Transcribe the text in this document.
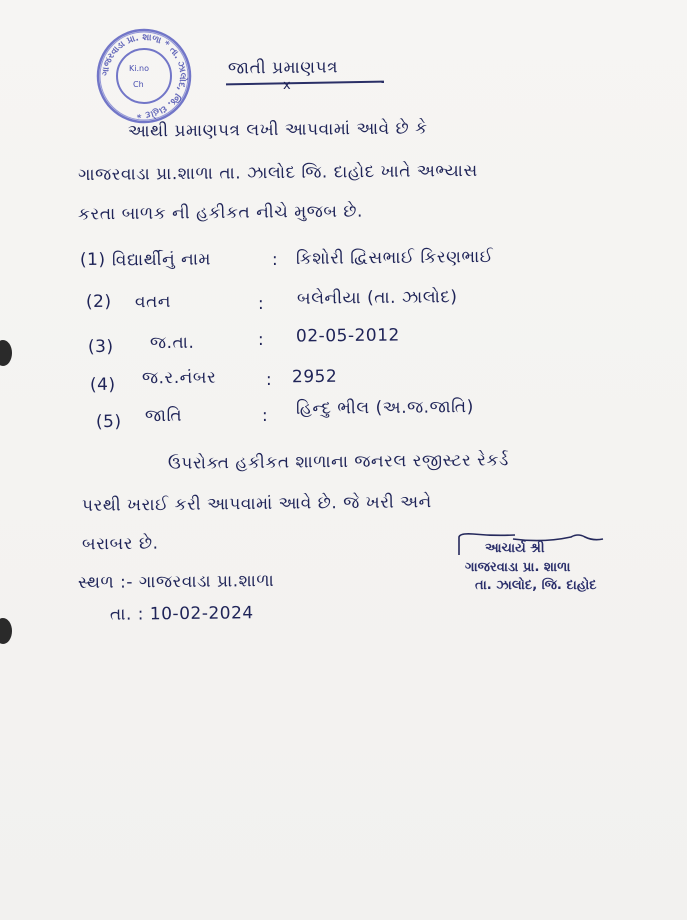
ગાજરવાડા પ્રા. શાળા * તા. ઝાલોદ, જિ. દાહોદ *
Ki.no
Ch
જાતી પ્રમાણપત્ર
x
આથી પ્રમાણપત્ર લખી આપવામાં આવે છે કે
ગાજરવાડા પ્રા.શાળા તા. ઝાલોદ જિ. દાહોદ ખાતે અભ્યાસ
કરતા બાળક ની હકીકત નીચે મુજબ છે.
(1) વિદ્યાર્થીનું નામ	: કિશોરી દ્વિસભાઈ કિરણભાઈ
(2) વતન	: બલેનીયા (તા. ઝાલોદ)
(3) જ.તા.	: 02-05-2012
(4) જ.ર.નંબર	: 2952
(5) જાતિ	: હિન્દુ ભીલ (અ.જ.જાતિ)
ઉપરોક્ત હકીકત શાળાના જનરલ રજીસ્ટર રેકર્ડ
પરથી ખરાઈ કરી આપવામાં આવે છે. જે ખરી અને
બરાબર છે.
સ્થળ :- ગાજરવાડા પ્રા.શાળા
તા. : 10-02-2024
આચાર્ય શ્રી
ગાજરવાડા પ્રા. શાળા
તા. ઝાલોદ, જિ. દાહોદ
